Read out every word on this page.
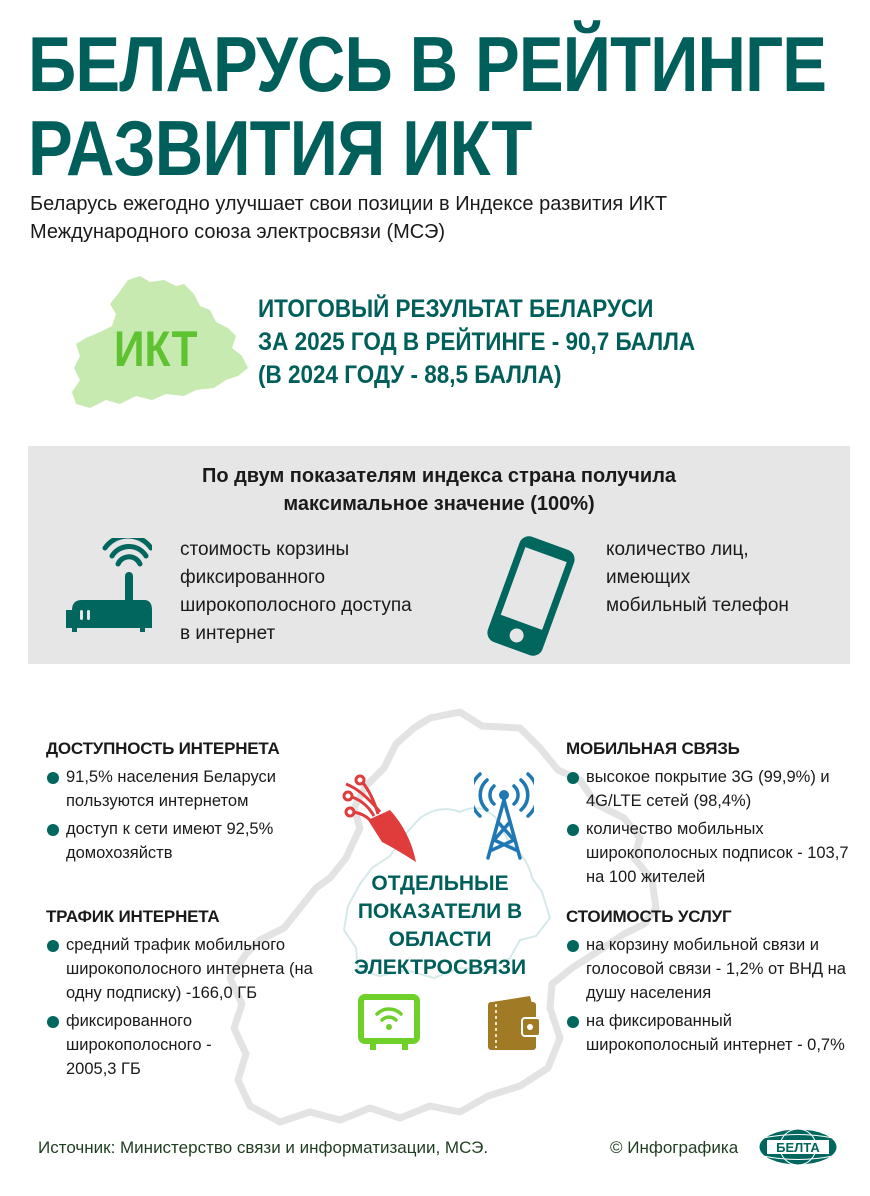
БЕЛАРУСЬ В РЕЙТИНГЕ
РАЗВИТИЯ ИКТ
Беларусь ежегодно улучшает свои позиции в Индексе развития ИКТ
Международного союза электросвязи (МСЭ)
ИКТ
ИТОГОВЫЙ РЕЗУЛЬТАТ БЕЛАРУСИ
ЗА 2025 ГОД В РЕЙТИНГЕ - 90,7 БАЛЛА
(В 2024 ГОДУ - 88,5 БАЛЛА)
По двум показателям индекса страна получила
максимальное значение (100%)
стоимость корзины
фиксированного
широкополосного доступа
в интернет
количество лиц,
имеющих
мобильный телефон
ОТДЕЛЬНЫЕ
ПОКАЗАТЕЛИ В
ОБЛАСТИ
ЭЛЕКТРОСВЯЗИ
ДОСТУПНОСТЬ ИНТЕРНЕТА
91,5% населения Беларуси пользуются интернетом
доступ к сети имеют 92,5% домохозяйств
ТРАФИК ИНТЕРНЕТА
средний трафик мобильного широкополосного интернета (на одну подписку) -166,0 ГБ
фиксированного широкополосного - 2005,3 ГБ
МОБИЛЬНАЯ СВЯЗЬ
высокое покрытие 3G (99,9%) и 4G/LTE сетей (98,4%)
количество мобильных широкополосных подписок - 103,7 на 100 жителей
СТОИМОСТЬ УСЛУГ
на корзину мобильной связи и голосовой связи - 1,2% от ВНД на душу населения
на фиксированный широкополосный интернет - 0,7%
Источник: Министерство связи и информатизации, МСЭ.	© Инфографика	БЕЛТА
